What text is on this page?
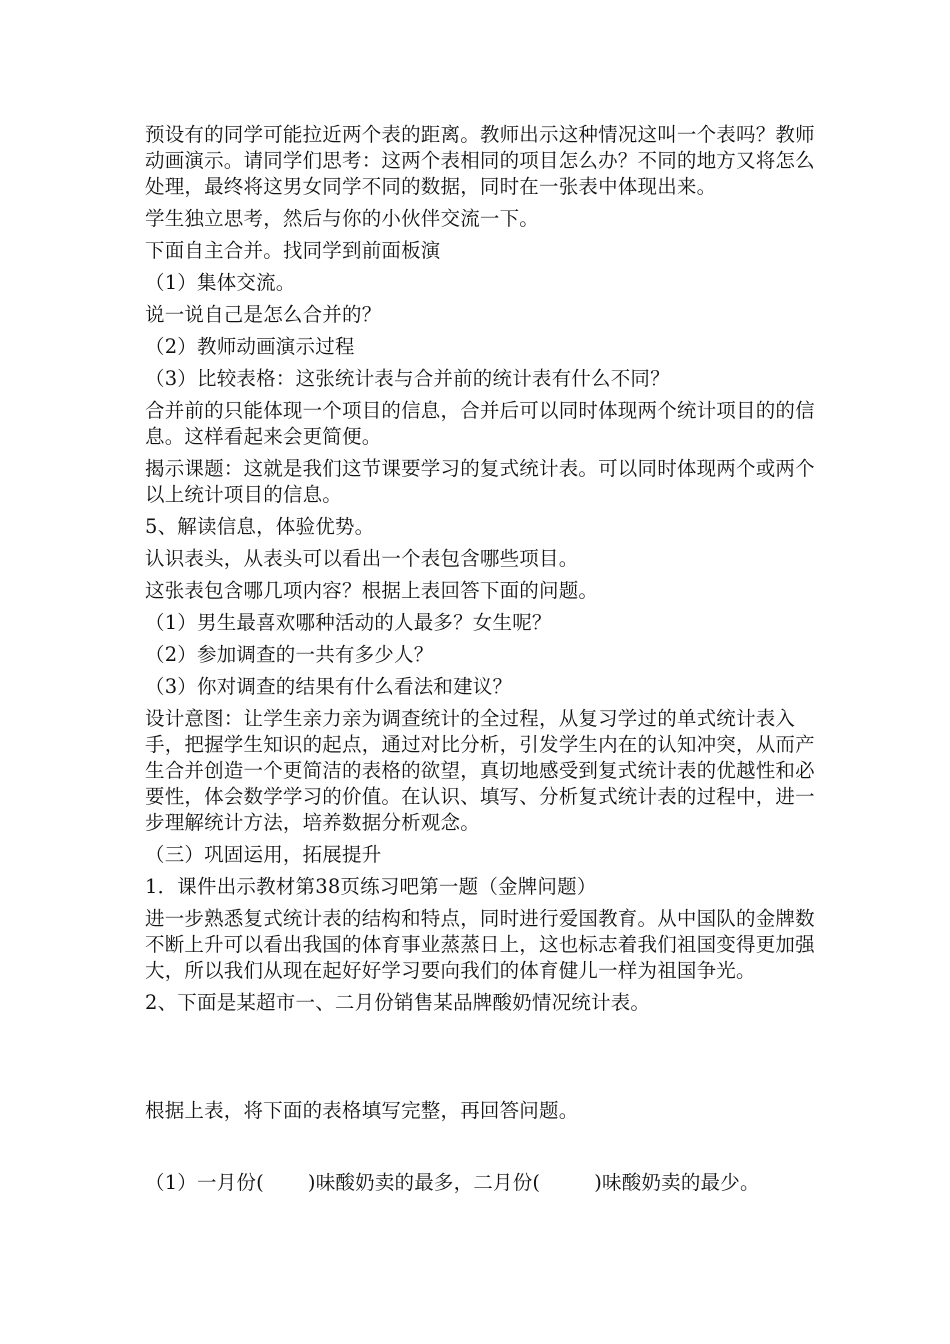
预设有的同学可能拉近两个表的距离。教师出示这种情况这叫一个表吗？教师动画演示。请同学们思考：这两个表相同的项目怎么办？不同的地方又将怎么处理，最终将这男女同学不同的数据，同时在一张表中体现出来。

学生独立思考，然后与你的小伙伴交流一下。

下面自主合并。找同学到前面板演

（1）集体交流。

说一说自己是怎么合并的？

（2）教师动画演示过程

（3）比较表格：这张统计表与合并前的统计表有什么不同？

合并前的只能体现一个项目的信息，合并后可以同时体现两个统计项目的的信息。这样看起来会更简便。

揭示课题：这就是我们这节课要学习的复式统计表。可以同时体现两个或两个以上统计项目的信息。

5、解读信息，体验优势。

认识表头，从表头可以看出一个表包含哪些项目。

这张表包含哪几项内容？根据上表回答下面的问题。

（1）男生最喜欢哪种活动的人最多？女生呢？

（2）参加调查的一共有多少人？

（3）你对调查的结果有什么看法和建议？

设计意图：让学生亲力亲为调查统计的全过程，从复习学过的单式统计表入手，把握学生知识的起点，通过对比分析，引发学生内在的认知冲突，从而产生合并创造一个更简洁的表格的欲望，真切地感受到复式统计表的优越性和必要性，体会数学学习的价值。在认识、填写、分析复式统计表的过程中，进一步理解统计方法，培养数据分析观念。

（三）巩固运用，拓展提升

1．课件出示教材第38页练习吧第一题（金牌问题）

进一步熟悉复式统计表的结构和特点，同时进行爱国教育。从中国队的金牌数不断上升可以看出我国的体育事业蒸蒸日上，这也标志着我们祖国变得更加强大，所以我们从现在起好好学习要向我们的体育健儿一样为祖国争光。

2、下面是某超市一、二月份销售某品牌酸奶情况统计表。

根据上表，将下面的表格填写完整，再回答问题。

（1）一月份( )味酸奶卖的最多，二月份(	)味酸奶卖的最少。
